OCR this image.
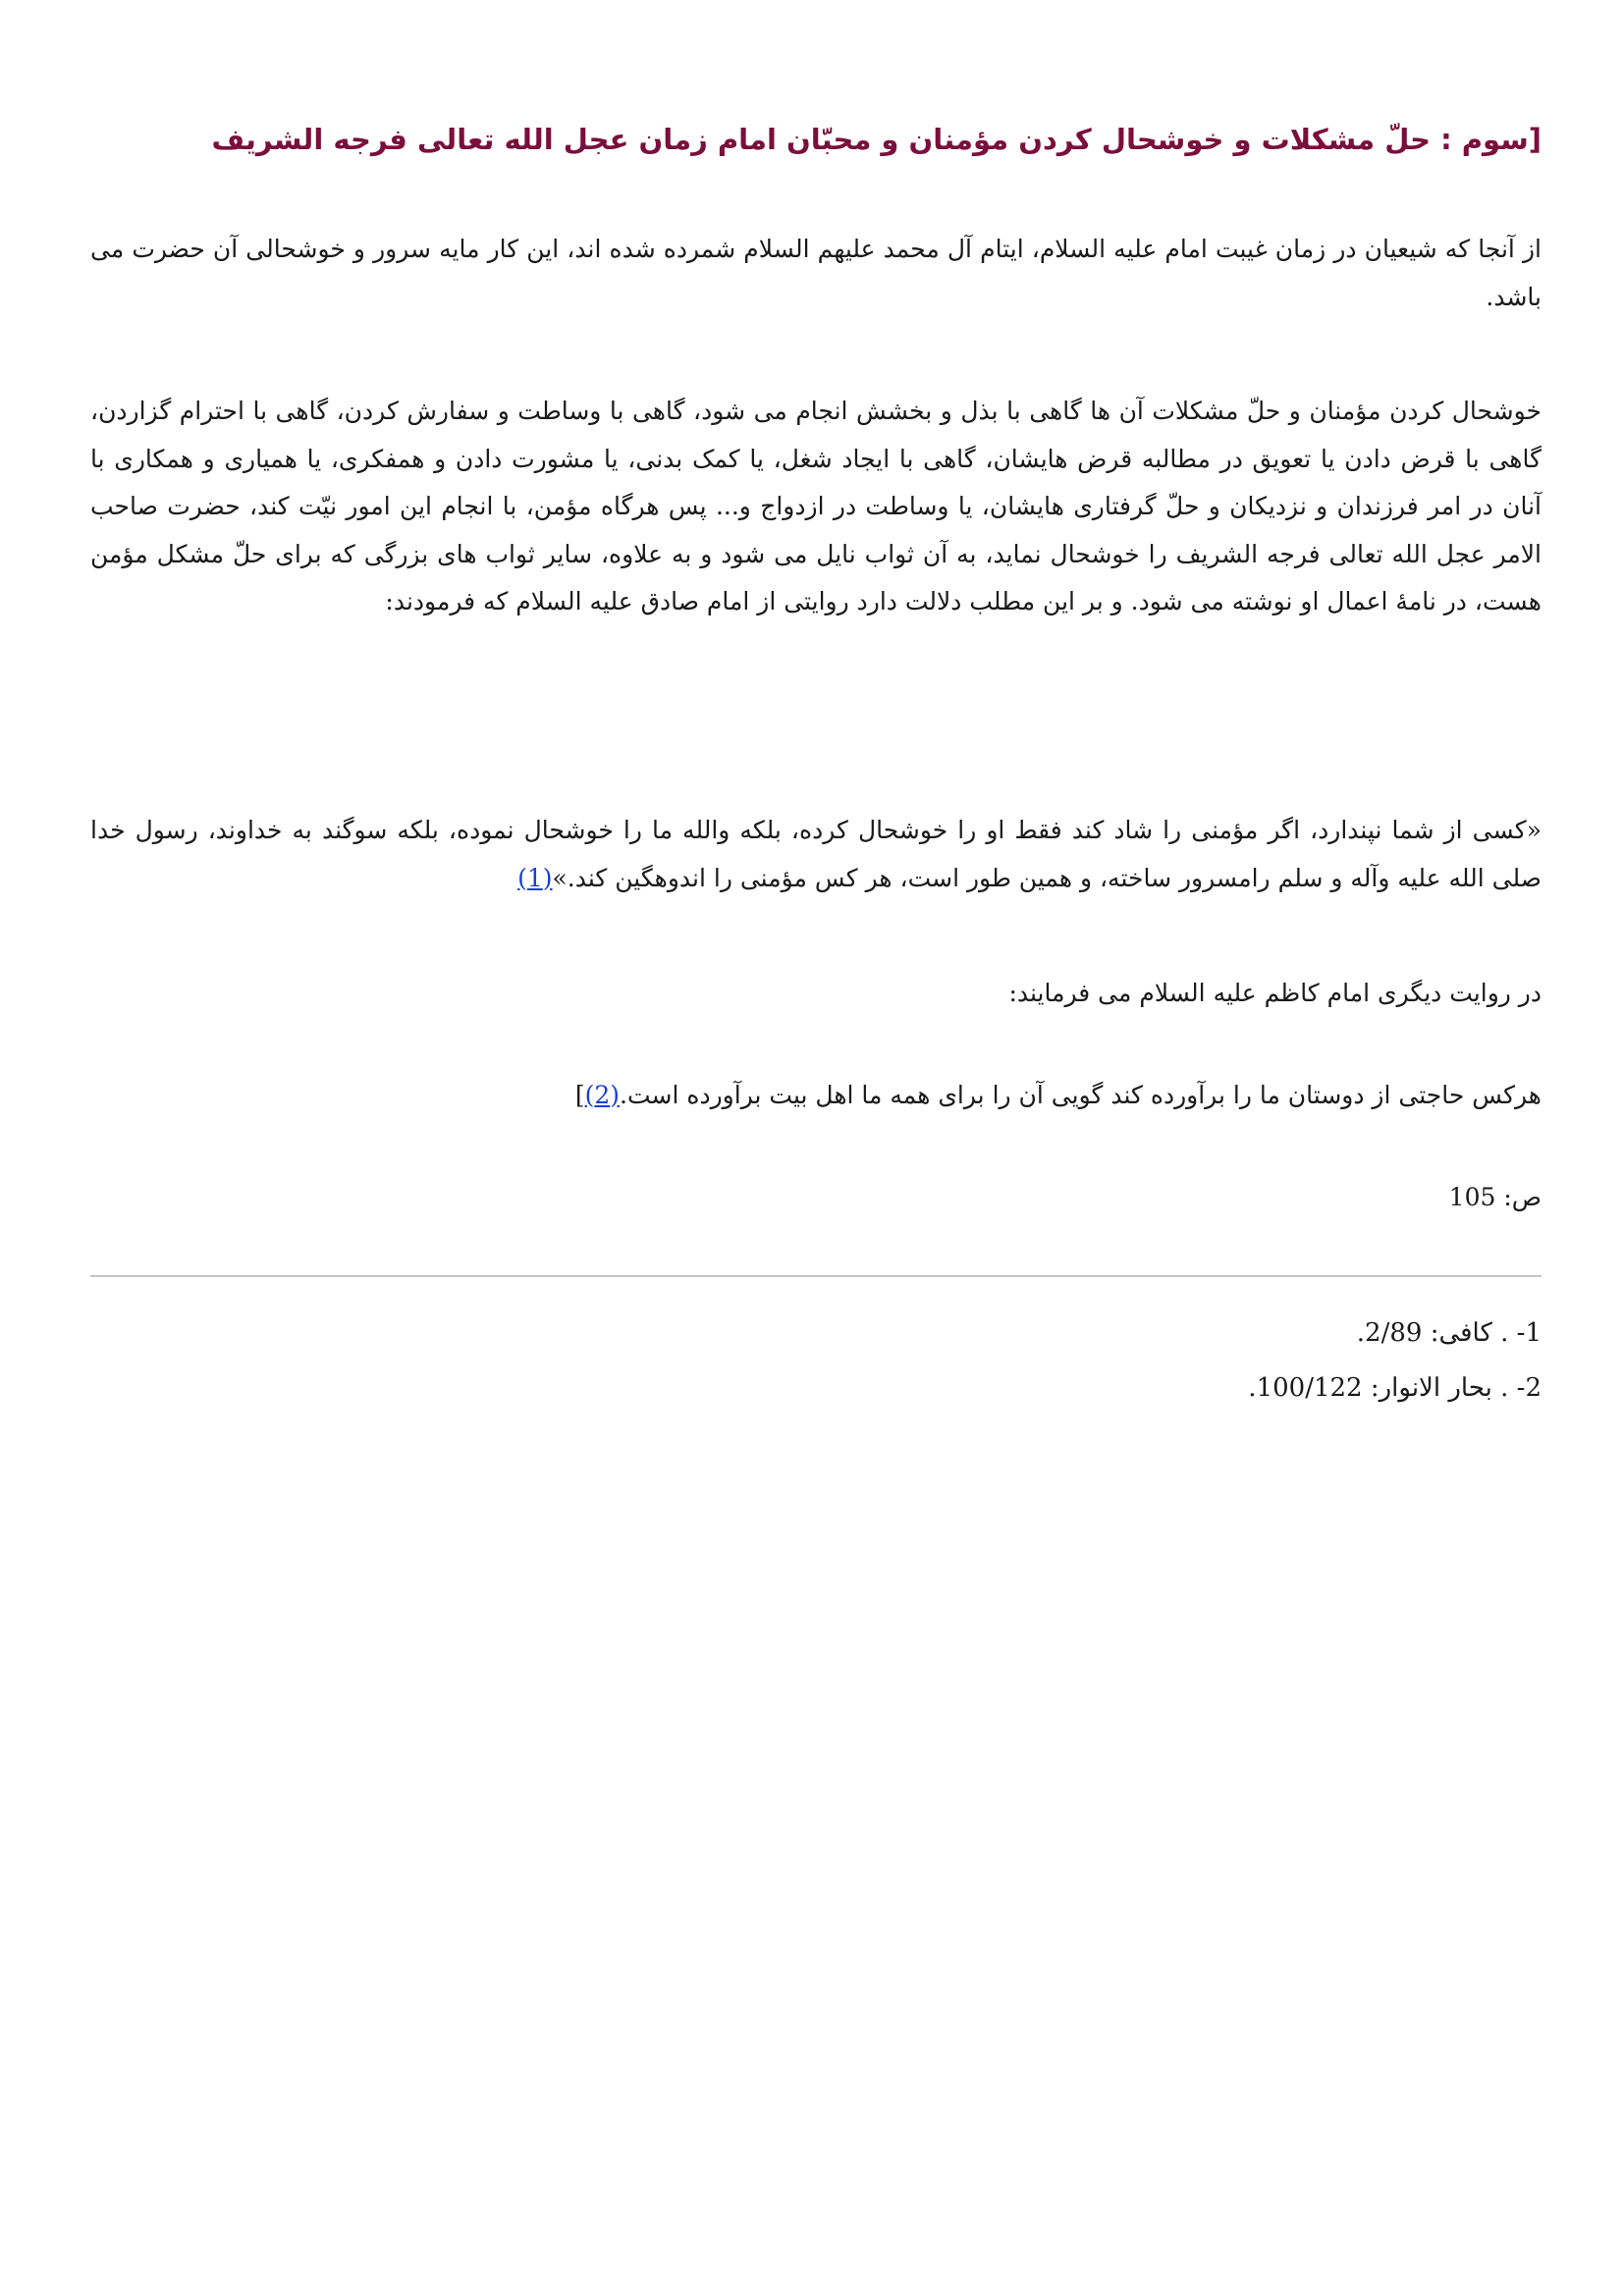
[سوم : حلّ مشکلات و خوشحال کردن مؤمنان و محبّان امام زمان عجل الله تعالی فرجه الشریف
از آنجا که شیعیان در زمان غیبت امام علیه السلام، ایتام آل محمد علیهم السلام شمرده شده اند، این کار مایه سرور و خوشحالی آن حضرت می باشد.
خوشحال کردن مؤمنان و حلّ مشکلات آن ها گاهی با بذل و بخشش انجام می شود، گاهی با وساطت و سفارش کردن، گاهی با احترام گزاردن، گاهی با قرض دادن یا تعویق در مطالبه قرض هایشان، گاهی با ایجاد شغل، یا کمک بدنی، یا مشورت دادن و همفکری، یا همیاری و همکاری با آنان در امر فرزندان و نزدیکان و حلّ گرفتاری هایشان، یا وساطت در ازدواج و... پس هرگاه مؤمن، با انجام این امور نیّت کند، حضرت صاحب الامر عجل الله تعالی فرجه الشریف را خوشحال نماید، به آن ثواب نایل می شود و به علاوه، سایر ثواب های بزرگی که برای حلّ مشکل مؤمن هست، در نامۀ اعمال او نوشته می شود. و بر این مطلب دلالت دارد روایتی از امام صادق علیه السلام که فرمودند:
«کسی از شما نپندارد، اگر مؤمنی را شاد کند فقط او را خوشحال کرده، بلکه والله ما را خوشحال نموده، بلکه سوگند به خداوند، رسول خدا صلی الله علیه وآله و سلم رامسرور ساخته، و همین طور است، هر کس مؤمنی را اندوهگین کند.»(1)
در روایت دیگری امام کاظم علیه السلام می فرمایند:
هرکس حاجتی از دوستان ما را برآورده کند گویی آن را برای همه ما اهل بیت برآورده است.(2)]
ص: 105
1- . کافی: 2/89.
2- . بحار الانوار: 100/122.
